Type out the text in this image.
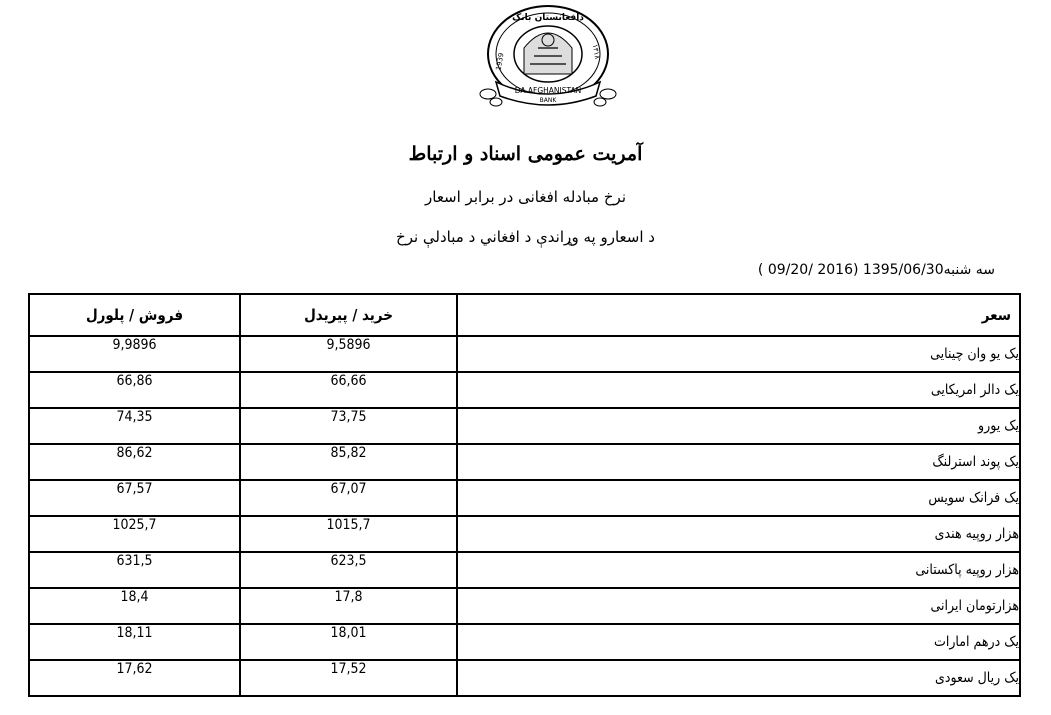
DA AFGHANISTAN
BANK
دافغانستان بانک
1939
۱۳۱۸
آمریت عمومی اسناد و ارتباط
نرخ مبادله افغانی در برابر اسعار
د اسعارو په وړاندې د افغاني د مبادلې نرخ
سه شنبه1395/06/30 (2016 /09/20 )
فروش / پلورل	خرید / پیریدل	سعر
9,9896	9,5896	یک یو وان چینایی
66,86	66,66	یک دالر امریکایی
74,35	73,75	یک یورو
86,62	85,82	یک پوند استرلنگ
67,57	67,07	یک فرانک سویس
1025,7	1015,7	هزار روپیه هندی
631,5	623,5	هزار روپیه پاکستانی
18,4	17,8	هزارتومان ایرانی
18,11	18,01	یک درهم امارات
17,62	17,52	یک ریال سعودی
